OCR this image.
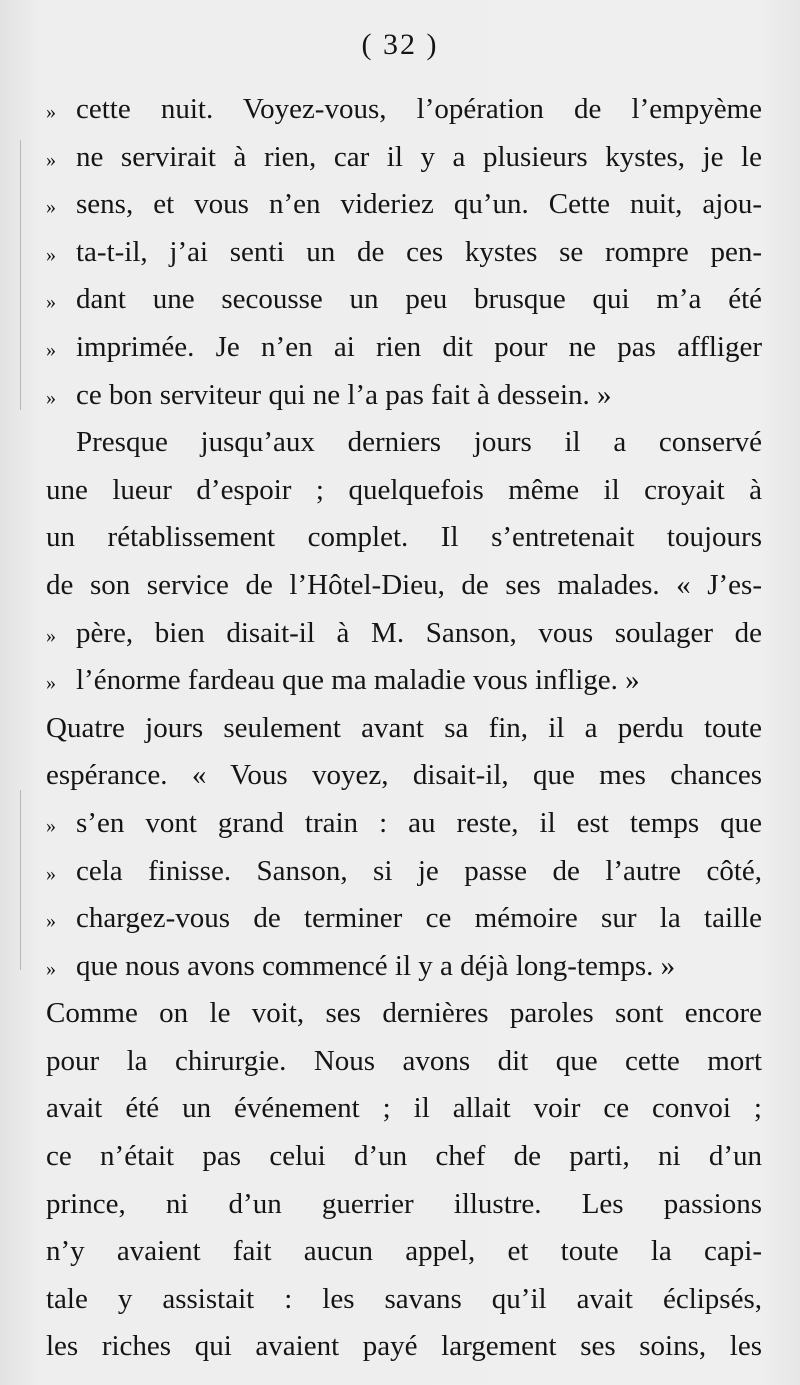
( 32 )
» cette nuit. Voyez-vous, l’opération de l’empyème
» ne servirait à rien, car il y a plusieurs kystes, je le
» sens, et vous n’en videriez qu’un. Cette nuit, ajou-
» ta-t-il, j’ai senti un de ces kystes se rompre pen-
» dant une secousse un peu brusque qui m’a été
» imprimée. Je n’en ai rien dit pour ne pas affliger
» ce bon serviteur qui ne l’a pas fait à dessein. »
Presque jusqu’aux derniers jours il a conservé
une lueur d’espoir ; quelquefois même il croyait à
un rétablissement complet. Il s’entretenait toujours
de son service de l’Hôtel-Dieu, de ses malades. « J’es-
» père, bien disait-il à M. Sanson, vous soulager de
» l’énorme fardeau que ma maladie vous inflige. »
Quatre jours seulement avant sa fin, il a perdu toute
espérance. « Vous voyez, disait-il, que mes chances
» s’en vont grand train : au reste, il est temps que
» cela finisse. Sanson, si je passe de l’autre côté,
» chargez-vous de terminer ce mémoire sur la taille
» que nous avons commencé il y a déjà long-temps. »
Comme on le voit, ses dernières paroles sont encore
pour la chirurgie. Nous avons dit que cette mort
avait été un événement ; il allait voir ce convoi ;
ce n’était pas celui d’un chef de parti, ni d’un
prince, ni d’un guerrier illustre. Les passions
n’y avaient fait aucun appel, et toute la capi-
tale y assistait : les savans qu’il avait éclipsés,
les riches qui avaient payé largement ses soins, les
